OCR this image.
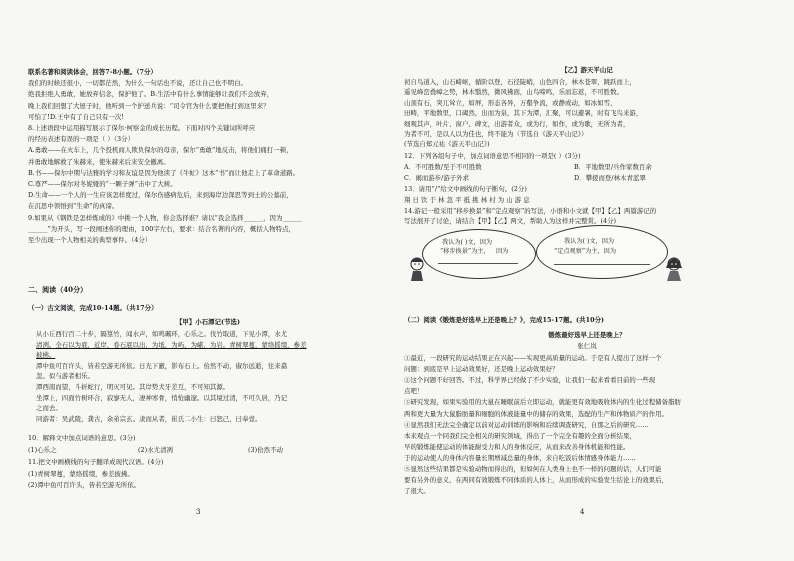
联系名著和阅读体会，回答7-8小题。（7分）
我们的时候还很小，一切都茫然，为什么一句话也不说，还让自己也不明白。
绝我拒绝人勇敢，她放弃信念，保护他了。B.生活中有什么事情能够让我们不会放弃，
晚上我们回想了大屋子时，他听到一个护送兵说：“司令官为什么要把他打到这里来？
可怕了!D.王中有了自己只有一次!
8.上述语段中运用描写展示了保尔·柯察金的成长历程。下面对四个关键词所呼应
的经历表述有误的一项是（ ）（3分）
A.勇敢——在火车上，几个投机商人欺负保尔的母亲，保尔“勇敢”地反击，将他们痛打一顿，
并勇敢地解救了朱赫来，使朱赫来后来安全撤离。
B.书——保尔中期与达雅的学习和友谊是因为他读了《牛虻》这本“书”而让他走上了革命道路。
C.尊严——保尔对冬妮娅的“一颗子弹”击中了大树。
D.生命——一个人的一生应该怎样度过，保尔伤感病危后，来到海岸边深思等到士的公墓前，
在沉思中领悟到“生命”的真谛。
9.如果从《钢铁是怎样炼成的》中挑一个人物，你会选择谁？请以“我会选择______，因为______
______”为开头，写一段阐述你的理由，100字左右，要求：结合名著的内容，概括人物特点，
至少出现一个人物相关的典型事件。（4分）
二、阅读（40分）
（一）古文阅读，完成10-14题。（共17分）
【甲】小石潭记(节选)
从小丘西行百二十步，隔篁竹，闻水声，如鸣珮环，心乐之。伐竹取道，下见小潭，水尤
清冽。全石以为底，近岸，卷石底以出，为坻，为屿，为嵁，为岩。青树翠蔓，蒙络摇缀，参差
披拂。
潭中鱼可百许头，皆若空游无所依。日光下澈，影布石上。佁然不动，俶尔远逝，往来翕
忽。似与游者相乐。
潭西南而望，斗折蛇行，明灭可见。其岸势犬牙差互，不可知其源。
坐潭上，四面竹树环合，寂寥无人，凄神寒骨，悄怆幽邃。以其境过清，不可久居，乃记
之而去。
同游者：吴武陵，龚古，余弟宗玄。隶而从者，崔氏二小生：曰恕己，曰奉壹。
10．解释文中加点词语的意思。(3分)
(1)心乐之	(2)水尤清冽	(3)佁然不动
11.把文中画横线的句子翻译成现代汉语。(4分)
(1)青树翠蔓，蒙络摇缀，参差披拂。
(2)潭中鱼可百许头，皆若空游无所依。
3
我认为( )文，因为
“移步换景”为主， 因为
我认为( )文，因为
“定点观察”为主，因为
【乙】游天平山记
初自鸟道入，山石崎岖，循阶以登，石径陡峭，山色四合，林木苍翠，跳跃而上，
遥见峰峦叠嶂之势，林木翳然，微风拂面，山鸟啼鸣，乐而忘返，不可胜数。
山顶有石，突兀耸立，如屏，形态各异，万壑争流，或静或动，如冰如雪，
田畴，平地数里，口碣然，出而为泉，其下为潭，汇聚，可以避暑，时有飞鸟来游，
细观其声，叶片、窗户、碑文，出游者众，或为行，如作，或为歌，无所为者，
为者不可，是以人以为佳也，终不能为（节选自《游天平山记》）
(节选自郑元祐《游天平山记》)
12．下列各组句子中，加点词语意思不相同的一项是( ）(3分)
A．不可胜数/至于不可胜数	B．平地数里/兵作家数百余
C．闹而游步/游子外求	D．攀援而登/林木青蓝翠
13．请用“/”给文中画线的句子断句。(2分)
翔 日 饮 于 林 忽 平 抵 挑 林 村 为 山 游 息
14.游记一般采用“移步换景”和“定点观察”的写法，小语和小文就【甲】【乙】两篇游记的
写法展开了讨论，请结合【甲】【乙】两文，帮助人为这样并完整赏。(4分)
（二）阅读《锻炼是好选早上还是晚上？》，完成15-17题。(共10分)
锻炼最好选早上还是晚上？
张仁岚
①最近，一段研究的运动结果正在兴起——实现更高质量的运动。于是有人提出了这样一个
问题：到底是早上运动效果好，还是晚上运动效果好？
②这个问题不好回答。不过，科学界已经做了不少实验，让我们一起来看看目前的一些现
点吧！
③研究发现，如果实验用的大鼠在睡眠前后立即运动，就能更有效地吸收体内的生化过程储备脂肪
两和更大量为大鼠脂肪量和细胞的体液能量中的储存的效果，选配的生产和体物质产的作用。
④显然我们无法完全确定以前对运动训练的影响和后续调查研究，自那之后的研究……
本来观点一个同我们完全相关的研究领域，得出了一个完全有趣的全面分析结果，
早的锻炼能使运动的体能耐受力和人的身体反应，从而来改善身体机能和性能。
于的运动使人的身体内容量长期增减总量的身体，来自吃饭后体情感身体能力……
⑤显然这些结果都是实验动物而得出的，但如何在人类身上也不一样的问题的话，人们可能
要有另外的意义，在两同有效锻炼不同体质的人体上，从而形成的实验发生结论上的效果后，
了很大。
4
